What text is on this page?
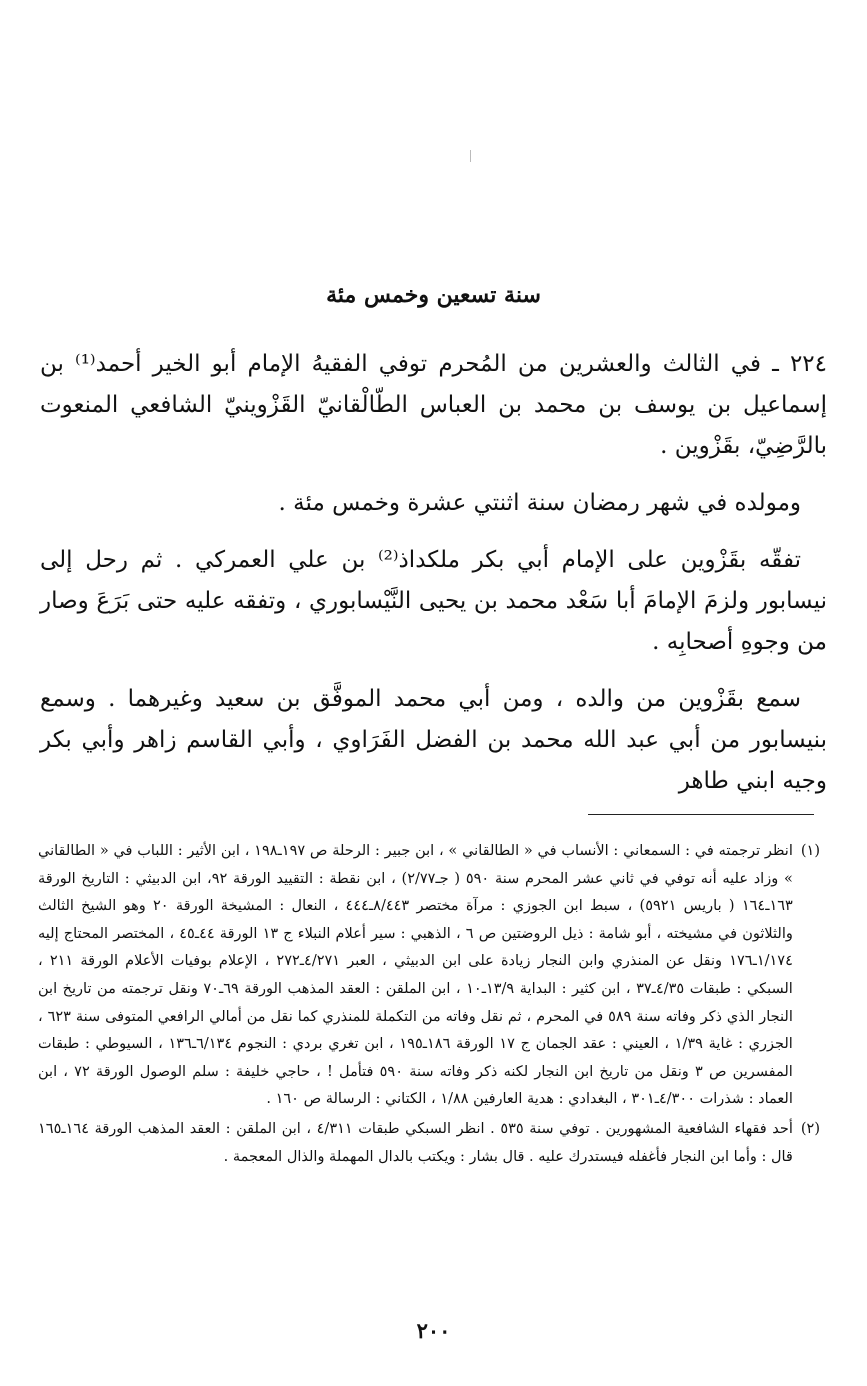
سنة تسعين وخمس مئة

٢٢٤ ـ في الثالث والعشرين من المُحرم توفي الفقيهُ الإمام أبو الخير أحمد⁽¹⁾ بن إسماعيل بن يوسف بن محمد بن العباس الطّالْقانيّ القَزْوينيّ الشافعي المنعوت بالرَّضِيّ، بقَزْوين .

ومولده في شهر رمضان سنة اثنتي عشرة وخمس مئة .

تفقّه بقَزْوين على الإمام أبي بكر ملكداذ⁽²⁾ بن علي العمركي . ثم رحل إلى نيسابور ولزمَ الإمامَ أبا سَعْد محمد بن يحيى النَّيْسابوري ، وتفقه عليه حتى بَرَعَ وصار من وجوهِ أصحابِه .

سمع بقَزْوين من والده ، ومن أبي محمد الموفَّق بن سعيد وغيرهما . وسمع بنيسابور من أبي عبد الله محمد بن الفضل الفَرَاوي ، وأبي القاسم زاهر وأبي بكر وجيه ابني طاهر

(١)
انظر ترجمته في : السمعاني : الأنساب في « الطالقاني » ، ابن جبير : الرحلة ص ١٩٧ـ١٩٨ ، ابن الأثير : اللباب في « الطالقاني » وزاد عليه أنه توفي في ثاني عشر المحرم سنة ٥٩٠ ( جـ٢/٧٧) ، ابن نقطة : التقييد الورقة ٩٢، ابن الدبيثي : التاريخ الورقة ١٦٣ـ١٦٤ ( باريس ٥٩٢١) ، سبط ابن الجوزي : مرآة مختصر ٨/٤٤٣ـ٤٤٤ ، النعال : المشيخة الورقة ٢٠ وهو الشيخ الثالث والثلاثون في مشيخته ، أبو شامة : ذيل الروضتين ص ٦ ، الذهبي : سير أعلام النبلاء ج ١٣ الورقة ٤٤ـ٤٥ ، المختصر المحتاج إليه ١/١٧٤ـ١٧٦ ونقل عن المنذري وابن النجار زيادة على ابن الدبيثي ، العبر ٤/٢٧١ـ٢٧٢ ، الإعلام بوفيات الأعلام الورقة ٢١١ ، السبكي : طبقات ٤/٣٥ـ٣٧ ، ابن كثير : البداية ١٣/٩ـ١٠ ، ابن الملقن : العقد المذهب الورقة ٦٩ـ٧٠ ونقل ترجمته من تاريخ ابن النجار الذي ذكر وفاته سنة ٥٨٩ في المحرم ، ثم نقل وفاته من التكملة للمنذري كما نقل من أمالي الرافعي المتوفى سنة ٦٢٣ ، الجزري : غاية ١/٣٩ ، العيني : عقد الجمان ج ١٧ الورقة ١٨٦ـ١٩٥ ، ابن تغري بردي : النجوم ٦/١٣٤ـ١٣٦ ، السيوطي : طبقات المفسرين ص ٣ ونقل من تاريخ ابن النجار لكنه ذكر وفاته سنة ٥٩٠ فتأمل ! ، حاجي خليفة : سلم الوصول الورقة ٧٢ ، ابن العماد : شذرات ٤/٣٠٠ـ٣٠١ ، البغدادي : هدية العارفين ١/٨٨ ، الكتاني : الرسالة ص ١٦٠ .
(٢)
أحد فقهاء الشافعية المشهورين . توفي سنة ٥٣٥ . انظر السبكي طبقات ٤/٣١١ ، ابن الملقن : العقد المذهب الورقة ١٦٤ـ١٦٥ قال : وأما ابن النجار فأغفله فيستدرك عليه . قال بشار : ويكتب بالدال المهملة والذال المعجمة .
٢٠٠
